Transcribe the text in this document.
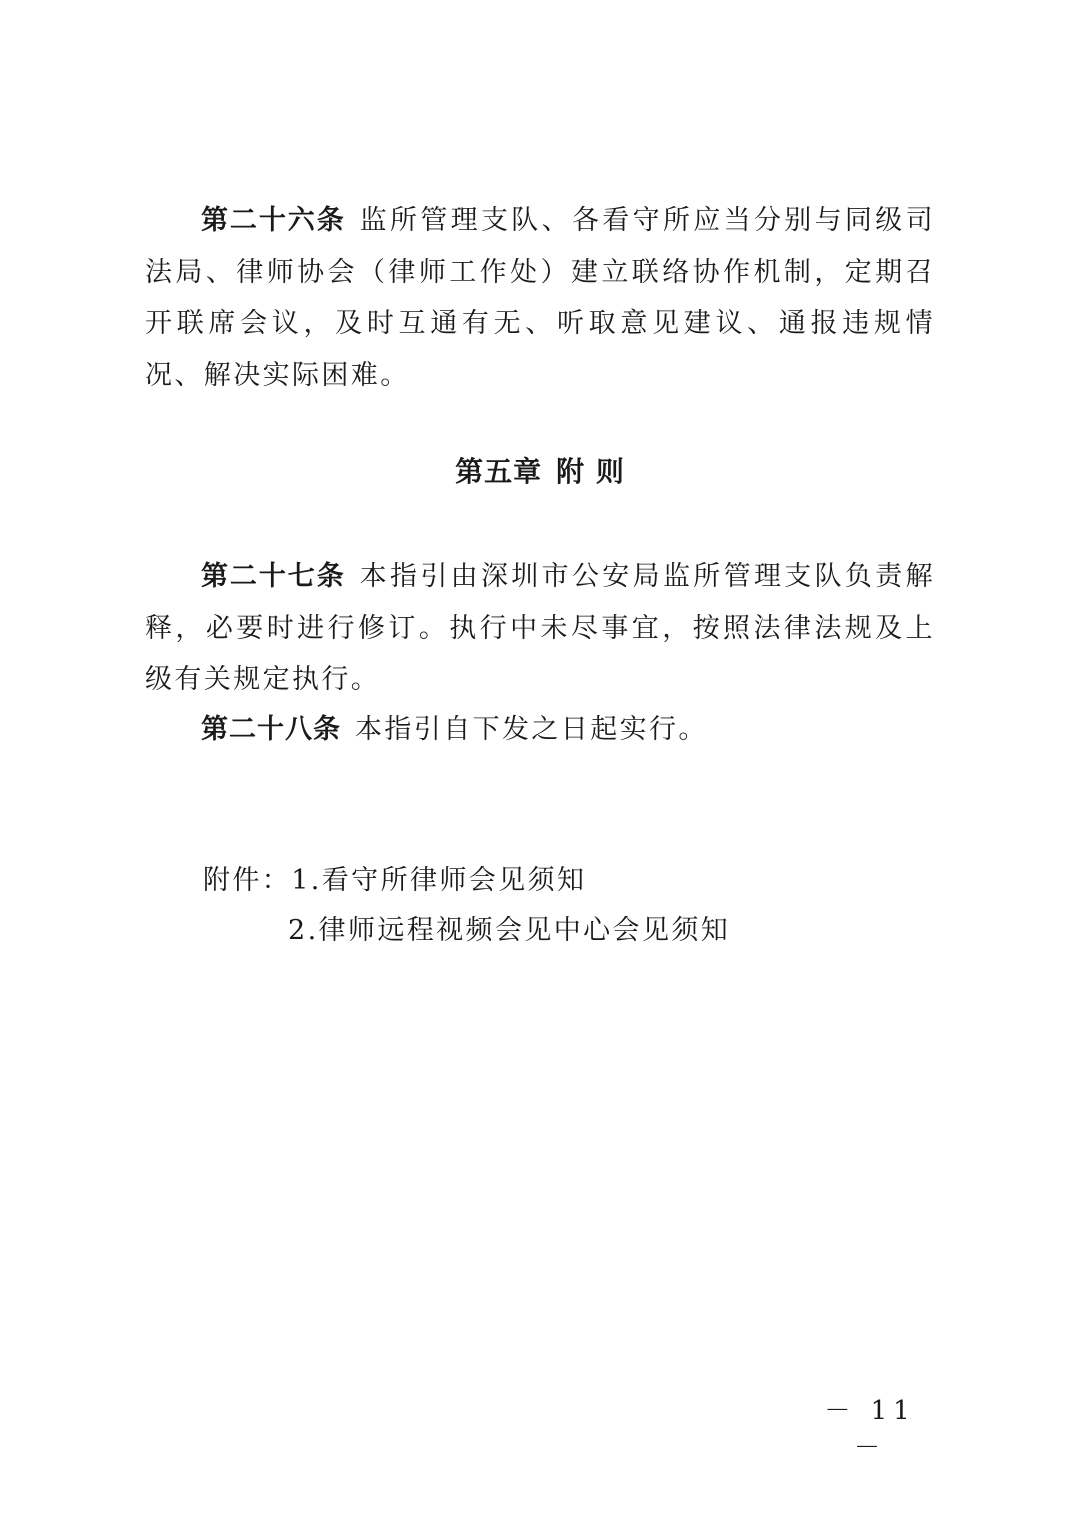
第二十六条 监所管理支队、各看守所应当分别与同级司法局、律师协会（律师工作处）建立联络协作机制，定期召开联席会议，及时互通有无、听取意见建议、通报违规情况、解决实际困难。

第五章 附 则

第二十七条 本指引由深圳市公安局监所管理支队负责解释，必要时进行修订。执行中未尽事宜，按照法律法规及上级有关规定执行。

第二十八条 本指引自下发之日起实行。

附件：1.看守所律师会见须知

2.律师远程视频会见中心会见须知

－ 11 －
